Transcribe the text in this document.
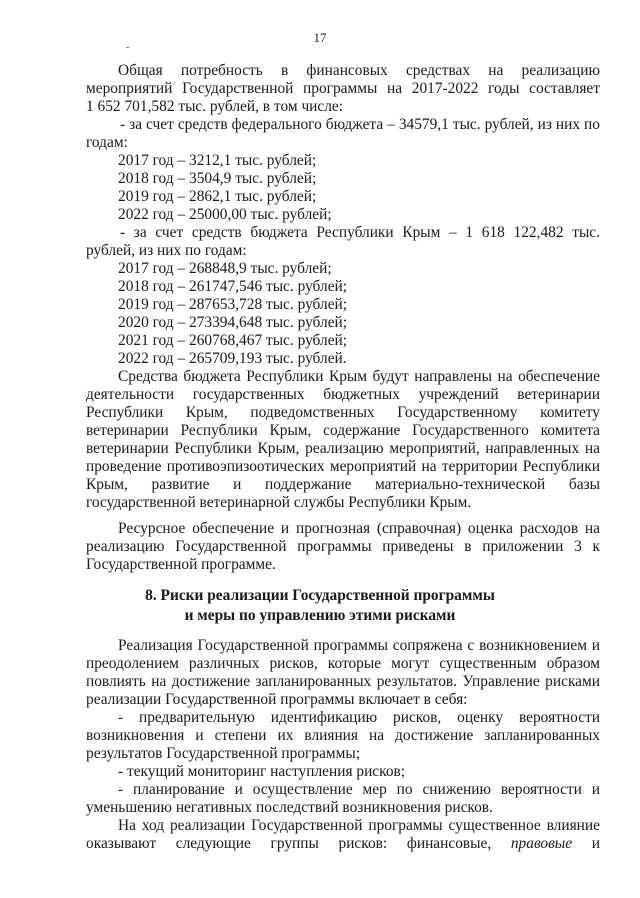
17
-
Общая потребность в финансовых средствах на реализацию
мероприятий Государственной программы на 2017-2022 годы составляет
1 652 701,582 тыс. рублей, в том числе:
- за счет средств федерального бюджета – 34579,1 тыс. рублей, из них по
годам:
2017 год – 3212,1 тыс. рублей;
2018 год – 3504,9 тыс. рублей;
2019 год – 2862,1 тыс. рублей;
2022 год – 25000,00 тыс. рублей;
- за счет средств бюджета Республики Крым – 1 618 122,482 тыс.
рублей, из них по годам:
2017 год – 268848,9 тыс. рублей;
2018 год – 261747,546 тыс. рублей;
2019 год – 287653,728 тыс. рублей;
2020 год – 273394,648 тыс. рублей;
2021 год – 260768,467 тыс. рублей;
2022 год – 265709,193 тыс. рублей.
Средства бюджета Республики Крым будут направлены на обеспечение
деятельности государственных бюджетных учреждений ветеринарии
Республики Крым, подведомственных Государственному комитету
ветеринарии Республики Крым, содержание Государственного комитета
ветеринарии Республики Крым, реализацию мероприятий, направленных на
проведение противоэпизоотических мероприятий на территории Республики
Крым, развитие и поддержание материально-технической базы
государственной ветеринарной службы Республики Крым.
Ресурсное обеспечение и прогнозная (справочная) оценка расходов на
реализацию Государственной программы приведены в приложении 3 к
Государственной программе.
8. Риски реализации Государственной программы
и меры по управлению этими рисками
Реализация Государственной программы сопряжена с возникновением и
преодолением различных рисков, которые могут существенным образом
повлиять на достижение запланированных результатов. Управление рисками
реализации Государственной программы включает в себя:
- предварительную идентификацию рисков, оценку вероятности
возникновения и степени их влияния на достижение запланированных
результатов Государственной программы;
- текущий мониторинг наступления рисков;
- планирование и осуществление мер по снижению вероятности и
уменьшению негативных последствий возникновения рисков.
На ход реализации Государственной программы существенное влияние
оказывают следующие группы рисков: финансовые, правовые и
